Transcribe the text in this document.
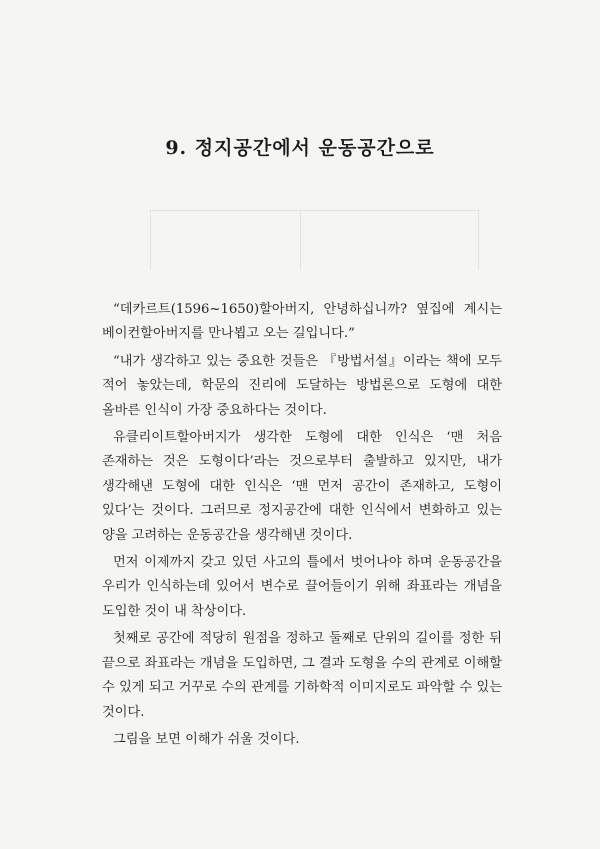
9. 정지공간에서 운동공간으로

“데카르트(1596~1650)할아버지, 안녕하십니까? 옆집에 계시는 베이컨할아버지를 만나뵙고 오는 길입니다.”

“내가 생각하고 있는 중요한 것들은 『방법서설』이라는 책에 모두 적어 놓았는데, 학문의 진리에 도달하는 방법론으로 도형에 대한 올바른 인식이 가장 중요하다는 것이다.

유클리이트할아버지가 생각한 도형에 대한 인식은 ‘맨 처음 존재하는 것은 도형이다’라는 것으로부터 출발하고 있지만, 내가 생각해낸 도형에 대한 인식은 ‘맨 먼저 공간이 존재하고, 도형이 있다’는 것이다. 그러므로 정지공간에 대한 인식에서 변화하고 있는 양을 고려하는 운동공간을 생각해낸 것이다.

먼저 이제까지 갖고 있던 사고의 틀에서 벗어나야 하며 운동공간을 우리가 인식하는데 있어서 변수로 끌어들이기 위해 좌표라는 개념을 도입한 것이 내 착상이다.

첫째로 공간에 적당히 원점을 정하고 둘째로 단위의 길이를 정한 뒤 끝으로 좌표라는 개념을 도입하면, 그 결과 도형을 수의 관계로 이해할 수 있게 되고 거꾸로 수의 관계를 기하학적 이미지로도 파악할 수 있는 것이다.

그림을 보면 이해가 쉬울 것이다.
